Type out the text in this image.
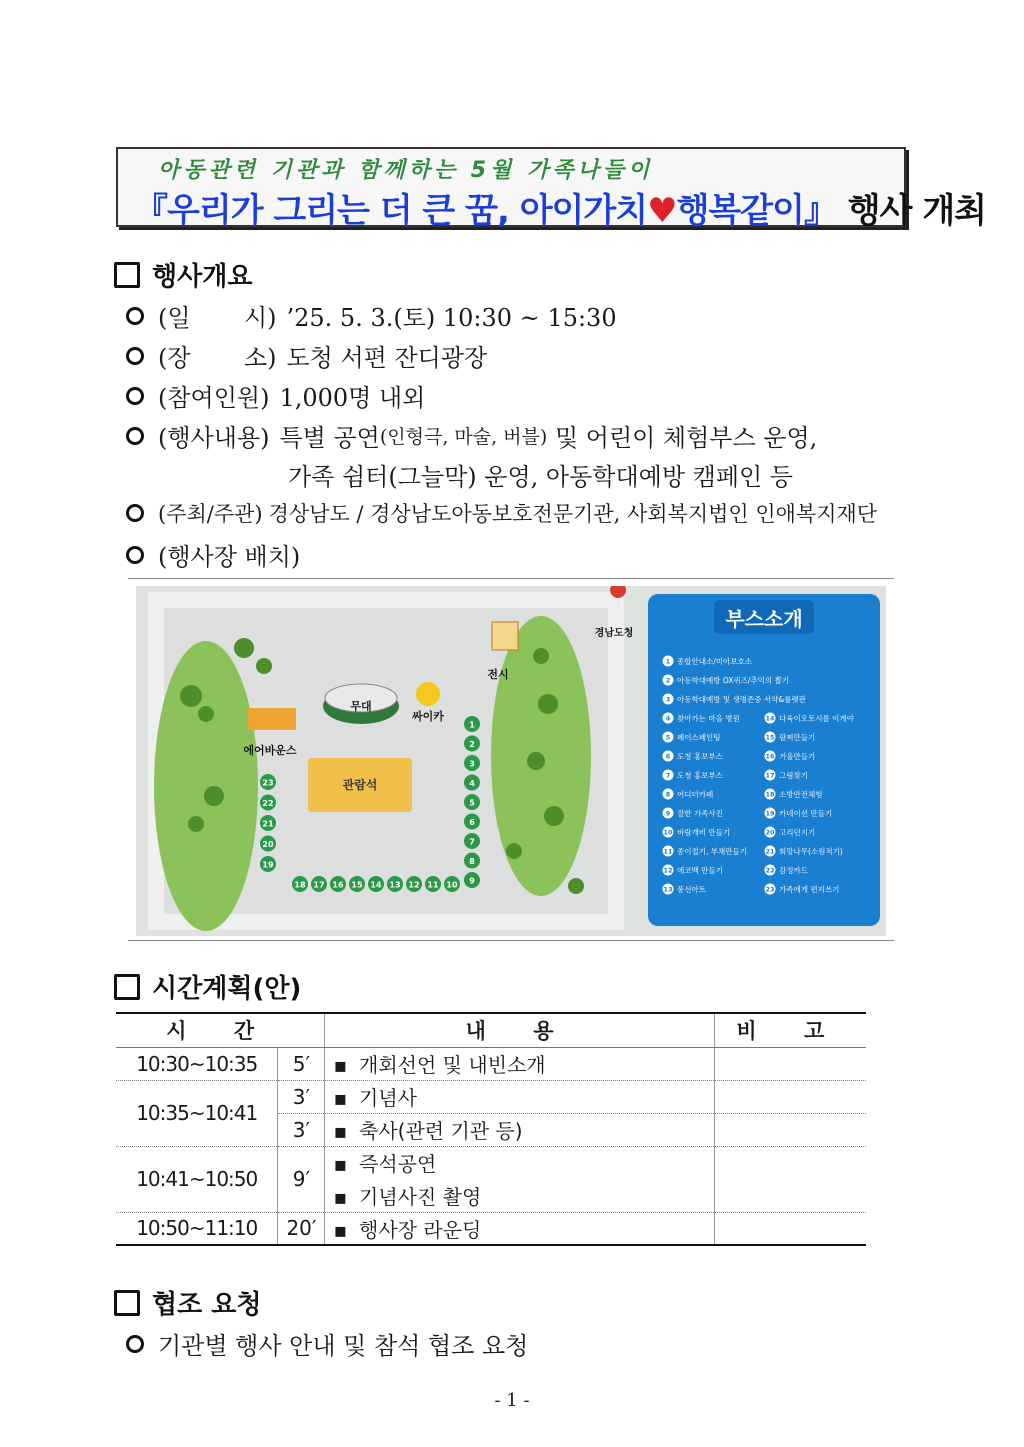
아동관련 기관과 함께하는 5월 가족나들이
『우리가 그리는 더 큰 꿈, 아이가치♥행복같이』 행사 개최
행사개요
(일       시) ’25. 5. 3.(토) 10:30 ~ 15:30
(장       소) 도청 서편 잔디광장
(참여인원) 1,000명 내외
(행사내용) 특별 공연 (인형극, 마술, 버블) 및 어린이 체험부스 운영,
가족 쉼터(그늘막) 운영, 아동학대예방 캠페인 등
(주최/주관) 경상남도 / 경상남도아동보호전문기관, 사회복지법인 인애복지재단
(행사장 배치)
무대
관람석
에어바운스
싸이카
전시
경남도청
1
2
3
4
5
6
7
8
9
10
11
12
13
14
15
16
17
18
19
20
21
22
23
부스소개
1 종합안내소/미아보호소
2 아동학대예방 OX퀴즈/추억의 뽑기
3 아동학대예방 및 생명존중 서약&룰렛판
4 찾아가는 마을 병원
5 페이스페인팅
6 도청 홍보부스
7 도청 홍보부스
8 어디더카페
9 잘한 가족사진
10 바람개비 만들기
11 종이접기, 부채만들기
12 에코백 만들기
13 풍선아트
14 다육이오토시를 이게야
15 팔찌만들기
16 거울만들기
17 그림찾기
18 소방안전체험
19 카네이션 만들기
20 고리던지기
21 희망나무(소원적기)
22 감정카드
23 가족에게 편지쓰기
시간계획(안)
시 간		내 용	비 고
10:30~10:35	5′	▪ 개회선언 및 내빈소개	
10:35~10:41	3′	▪ 기념사	
	3′	▪ 축사(관련 기관 등)	
10:41~10:50	9′	▪ 즉석공연	
		▪ 기념사진 촬영	
10:50~11:10	20′	▪ 행사장 라운딩	
협조 요청
기관별 행사 안내 및 참석 협조 요청
- 1 -
